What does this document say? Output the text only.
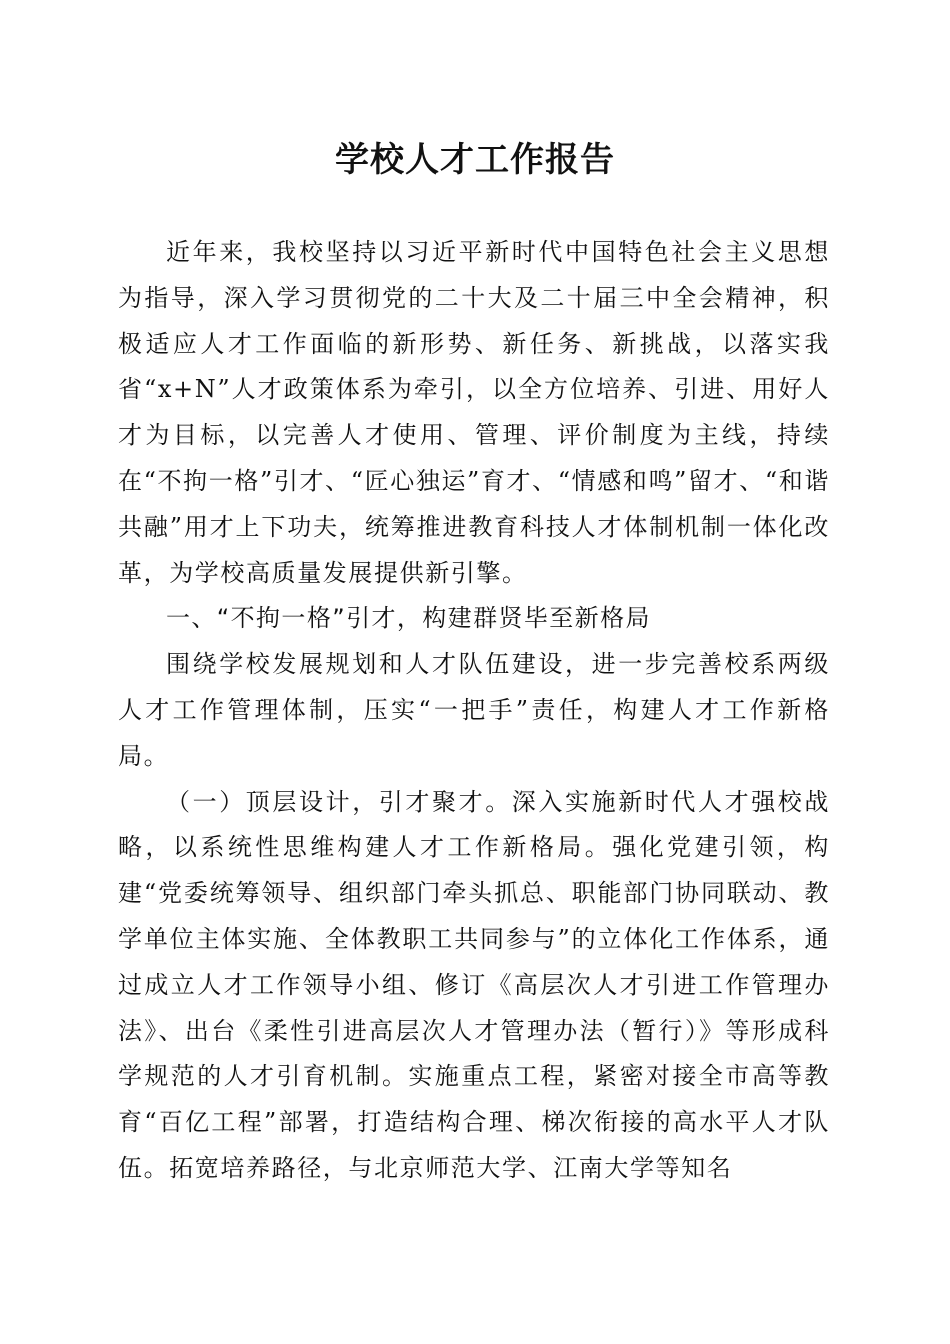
学校人才工作报告

近年来，我校坚持以习近平新时代中国特色社会主义思想为指导，深入学习贯彻党的二十大及二十届三中全会精神，积极适应人才工作面临的新形势、新任务、新挑战，以落实我省“x+N”人才政策体系为牵引，以全方位培养、引进、用好人才为目标，以完善人才使用、管理、评价制度为主线，持续在“不拘一格”引才、“匠心独运”育才、“情感和鸣”留才、“和谐共融”用才上下功夫，统筹推进教育科技人才体制机制一体化改革，为学校高质量发展提供新引擎。

一、“不拘一格”引才，构建群贤毕至新格局

围绕学校发展规划和人才队伍建设，进一步完善校系两级人才工作管理体制，压实“一把手”责任，构建人才工作新格局。

（一）顶层设计，引才聚才。深入实施新时代人才强校战略，以系统性思维构建人才工作新格局。强化党建引领，构建“党委统筹领导、组织部门牵头抓总、职能部门协同联动、教学单位主体实施、全体教职工共同参与”的立体化工作体系，通过成立人才工作领导小组、修订《高层次人才引进工作管理办法》、出台《柔性引进高层次人才管理办法（暂行）》等形成科学规范的人才引育机制。实施重点工程，紧密对接全市高等教育“百亿工程”部署，打造结构合理、梯次衔接的高水平人才队伍。拓宽培养路径，与北京师范大学、江南大学等知名
